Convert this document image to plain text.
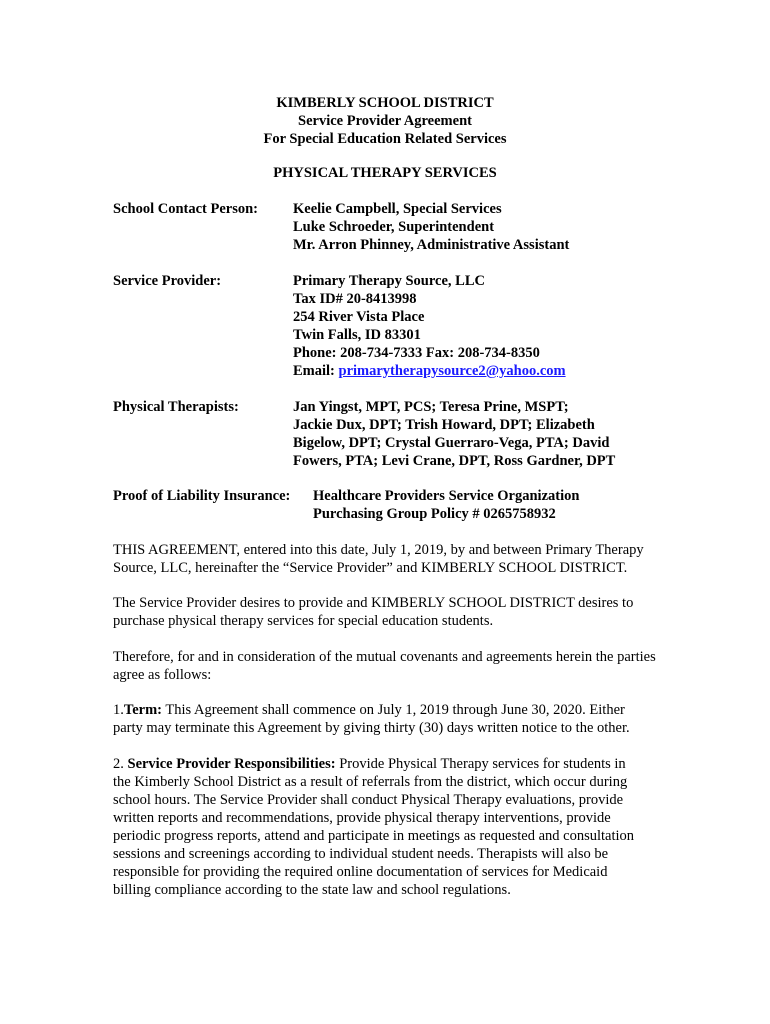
KIMBERLY SCHOOL DISTRICT
Service Provider Agreement
For Special Education Related Services
PHYSICAL THERAPY SERVICES
School Contact Person: Keelie Campbell, Special Services
Luke Schroeder, Superintendent
Mr. Arron Phinney, Administrative Assistant
Service Provider:	Primary Therapy Source, LLC
Tax ID# 20-8413998
254 River Vista Place
Twin Falls, ID 83301
Phone: 208-734-7333 Fax: 208-734-8350
Email: primarytherapysource2@yahoo.com
Physical Therapists:	Jan Yingst, MPT, PCS; Teresa Prine, MSPT;
Jackie Dux, DPT; Trish Howard, DPT; Elizabeth
Bigelow, DPT; Crystal Guerraro-Vega, PTA; David
Fowers, PTA; Levi Crane, DPT, Ross Gardner, DPT
Proof of Liability Insurance: Healthcare Providers Service Organization
Purchasing Group Policy # 0265758932
THIS AGREEMENT, entered into this date, July 1, 2019, by and between Primary Therapy
Source, LLC, hereinafter the “Service Provider” and KIMBERLY SCHOOL DISTRICT.
The Service Provider desires to provide and KIMBERLY SCHOOL DISTRICT desires to
purchase physical therapy services for special education students.
Therefore, for and in consideration of the mutual covenants and agreements herein the parties
agree as follows:
1.Term: This Agreement shall commence on July 1, 2019 through June 30, 2020. Either
party may terminate this Agreement by giving thirty (30) days written notice to the other.
2. Service Provider Responsibilities: Provide Physical Therapy services for students in
the Kimberly School District as a result of referrals from the district, which occur during
school hours. The Service Provider shall conduct Physical Therapy evaluations, provide
written reports and recommendations, provide physical therapy interventions, provide
periodic progress reports, attend and participate in meetings as requested and consultation
sessions and screenings according to individual student needs. Therapists will also be
responsible for providing the required online documentation of services for Medicaid
billing compliance according to the state law and school regulations.
